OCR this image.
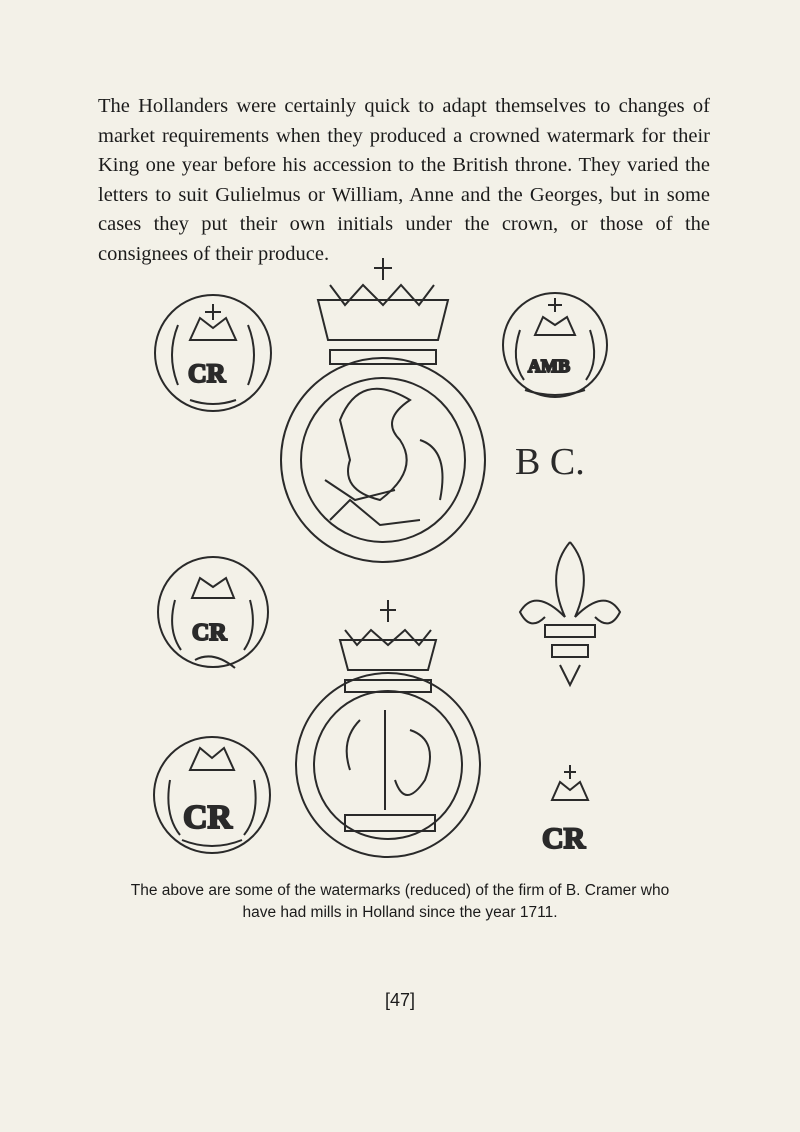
The Hollanders were certainly quick to adapt themselves to changes of market requirements when they produced a crowned watermark for their King one year before his accession to the British throne. They varied the letters to suit Gulielmus or William, Anne and the Georges, but in some cases they put their own initials under the crown, or those of the consignees of their produce.

CR	AMB
B C.
CR
CR
CR

The above are some of the watermarks (reduced) of the firm of B. Cramer who have had mills in Holland since the year 1711.

[47]
